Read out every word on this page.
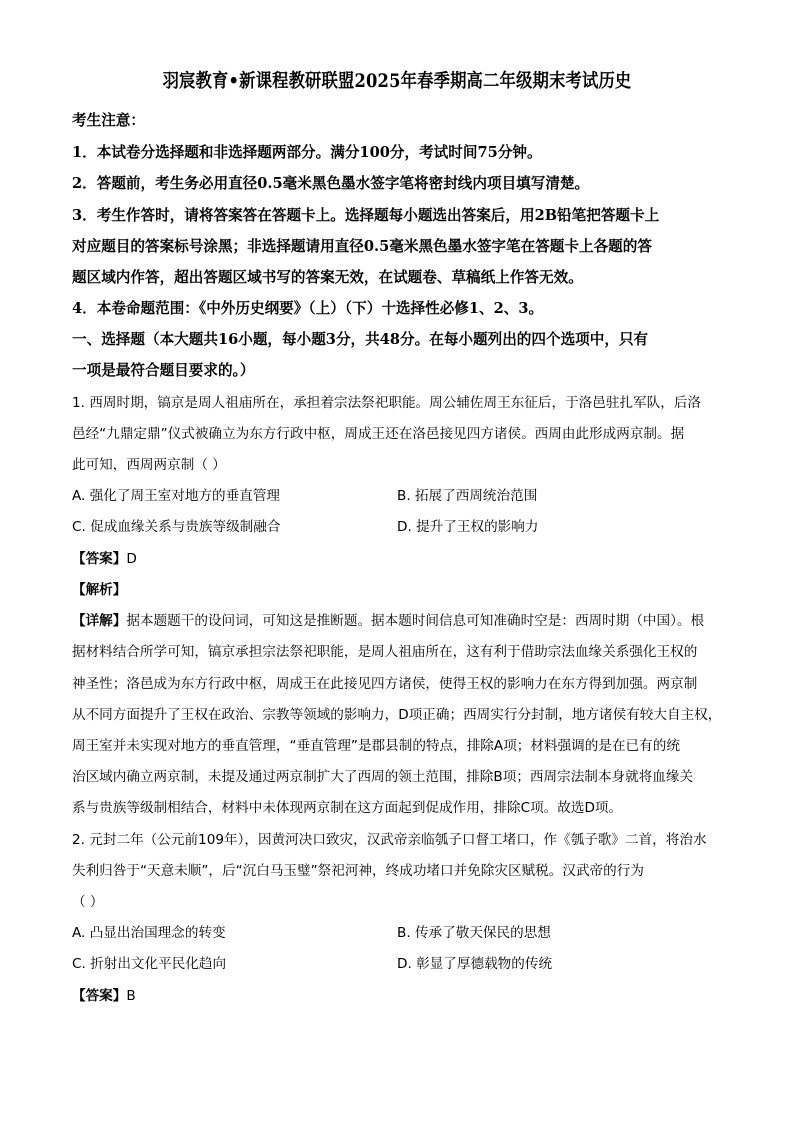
羽宸教育•新课程教研联盟2025年春季期高二年级期末考试历史
考生注意：
1．本试卷分选择题和非选择题两部分。满分100分，考试时间75分钟。
2．答题前，考生务必用直径0.5毫米黑色墨水签字笔将密封线内项目填写清楚。
3．考生作答时，请将答案答在答题卡上。选择题每小题选出答案后，用2B铅笔把答题卡上
对应题目的答案标号涂黑；非选择题请用直径0.5毫米黑色墨水签字笔在答题卡上各题的答
题区域内作答，超出答题区域书写的答案无效，在试题卷、草稿纸上作答无效。
4．本卷命题范围：《中外历史纲要》（上）（下）十选择性必修1、2、3。
一、选择题（本大题共16小题，每小题3分，共48分。在每小题列出的四个选项中，只有
一项是最符合题目要求的。）
1. 西周时期，镐京是周人祖庙所在，承担着宗法祭祀职能。周公辅佐周王东征后，于洛邑驻扎军队，后洛
邑经“九鼎定鼎”仪式被确立为东方行政中枢，周成王还在洛邑接见四方诸侯。西周由此形成两京制。据
此可知，西周两京制（ ）
A. 强化了周王室对地方的垂直管理	B. 拓展了西周统治范围
C. 促成血缘关系与贵族等级制融合	D. 提升了王权的影响力
【答案】D
【解析】
【详解】据本题题干的设问词，可知这是推断题。据本题时间信息可知准确时空是：西周时期（中国）。根
据材料结合所学可知，镐京承担宗法祭祀职能，是周人祖庙所在，这有利于借助宗法血缘关系强化王权的
神圣性；洛邑成为东方行政中枢，周成王在此接见四方诸侯，使得王权的影响力在东方得到加强。两京制
从不同方面提升了王权在政治、宗教等领域的影响力，D项正确；西周实行分封制，地方诸侯有较大自主权，
周王室并未实现对地方的垂直管理，“垂直管理”是郡县制的特点，排除A项；材料强调的是在已有的统
治区域内确立两京制，未提及通过两京制扩大了西周的领土范围，排除B项；西周宗法制本身就将血缘关
系与贵族等级制相结合，材料中未体现两京制在这方面起到促成作用，排除C项。故选D项。
2. 元封二年（公元前109年），因黄河决口致灾，汉武帝亲临瓠子口督工堵口，作《瓠子歌》二首，将治水
失利归咎于“天意未顺”，后“沉白马玉璧”祭祀河神，终成功堵口并免除灾区赋税。汉武帝的行为
（ ）
A. 凸显出治国理念的转变	B. 传承了敬天保民的思想
C. 折射出文化平民化趋向	D. 彰显了厚德载物的传统
【答案】B
